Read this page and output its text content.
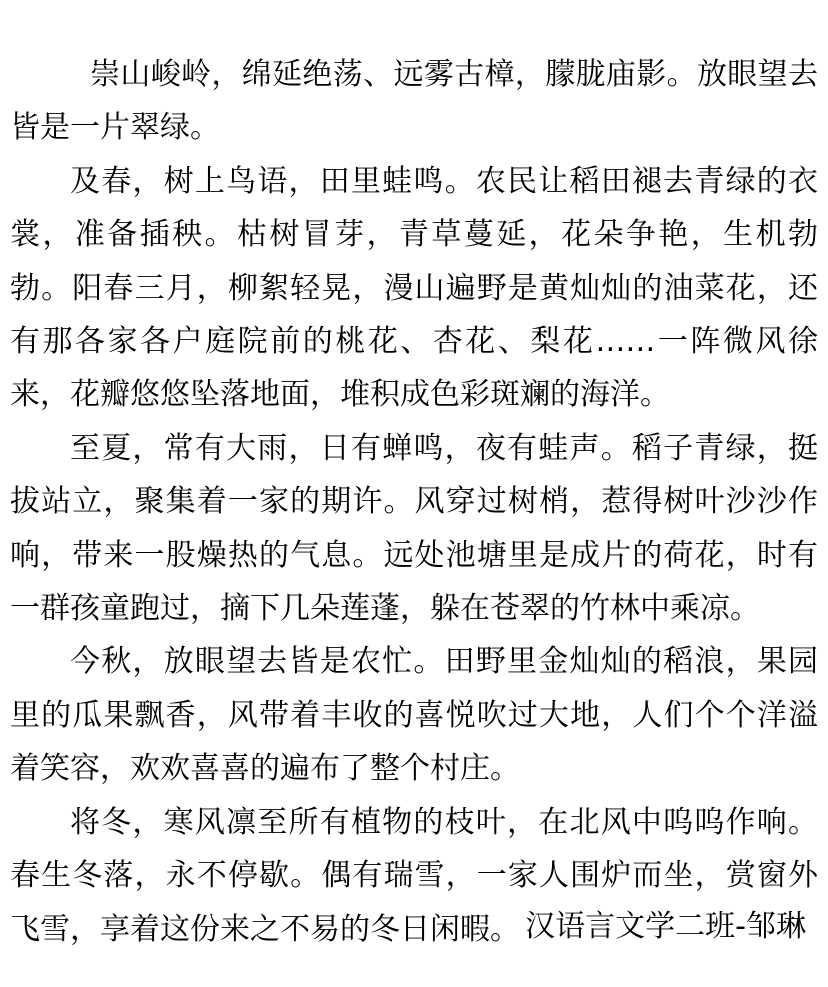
崇山峻岭，绵延绝荡、远雾古樟，朦胧庙影。放眼望去皆是一片翠绿。

及春，树上鸟语，田里蛙鸣。农民让稻田褪去青绿的衣裳，准备插秧。枯树冒芽，青草蔓延，花朵争艳，生机勃勃。阳春三月，柳絮轻晃，漫山遍野是黄灿灿的油菜花，还有那各家各户庭院前的桃花、杏花、梨花……一阵微风徐来，花瓣悠悠坠落地面，堆积成色彩斑斓的海洋。

至夏，常有大雨，日有蝉鸣，夜有蛙声。稻子青绿，挺拔站立，聚集着一家的期许。风穿过树梢，惹得树叶沙沙作响，带来一股燥热的气息。远处池塘里是成片的荷花，时有一群孩童跑过，摘下几朵莲蓬，躲在苍翠的竹林中乘凉。

今秋，放眼望去皆是农忙。田野里金灿灿的稻浪，果园里的瓜果飘香，风带着丰收的喜悦吹过大地，人们个个洋溢着笑容，欢欢喜喜的遍布了整个村庄。

将冬，寒风凛至所有植物的枝叶，在北风中呜呜作响。春生冬落，永不停歇。偶有瑞雪，一家人围炉而坐，赏窗外飞雪，享着这份来之不易的冬日闲暇。 汉语言文学二班-邹琳
